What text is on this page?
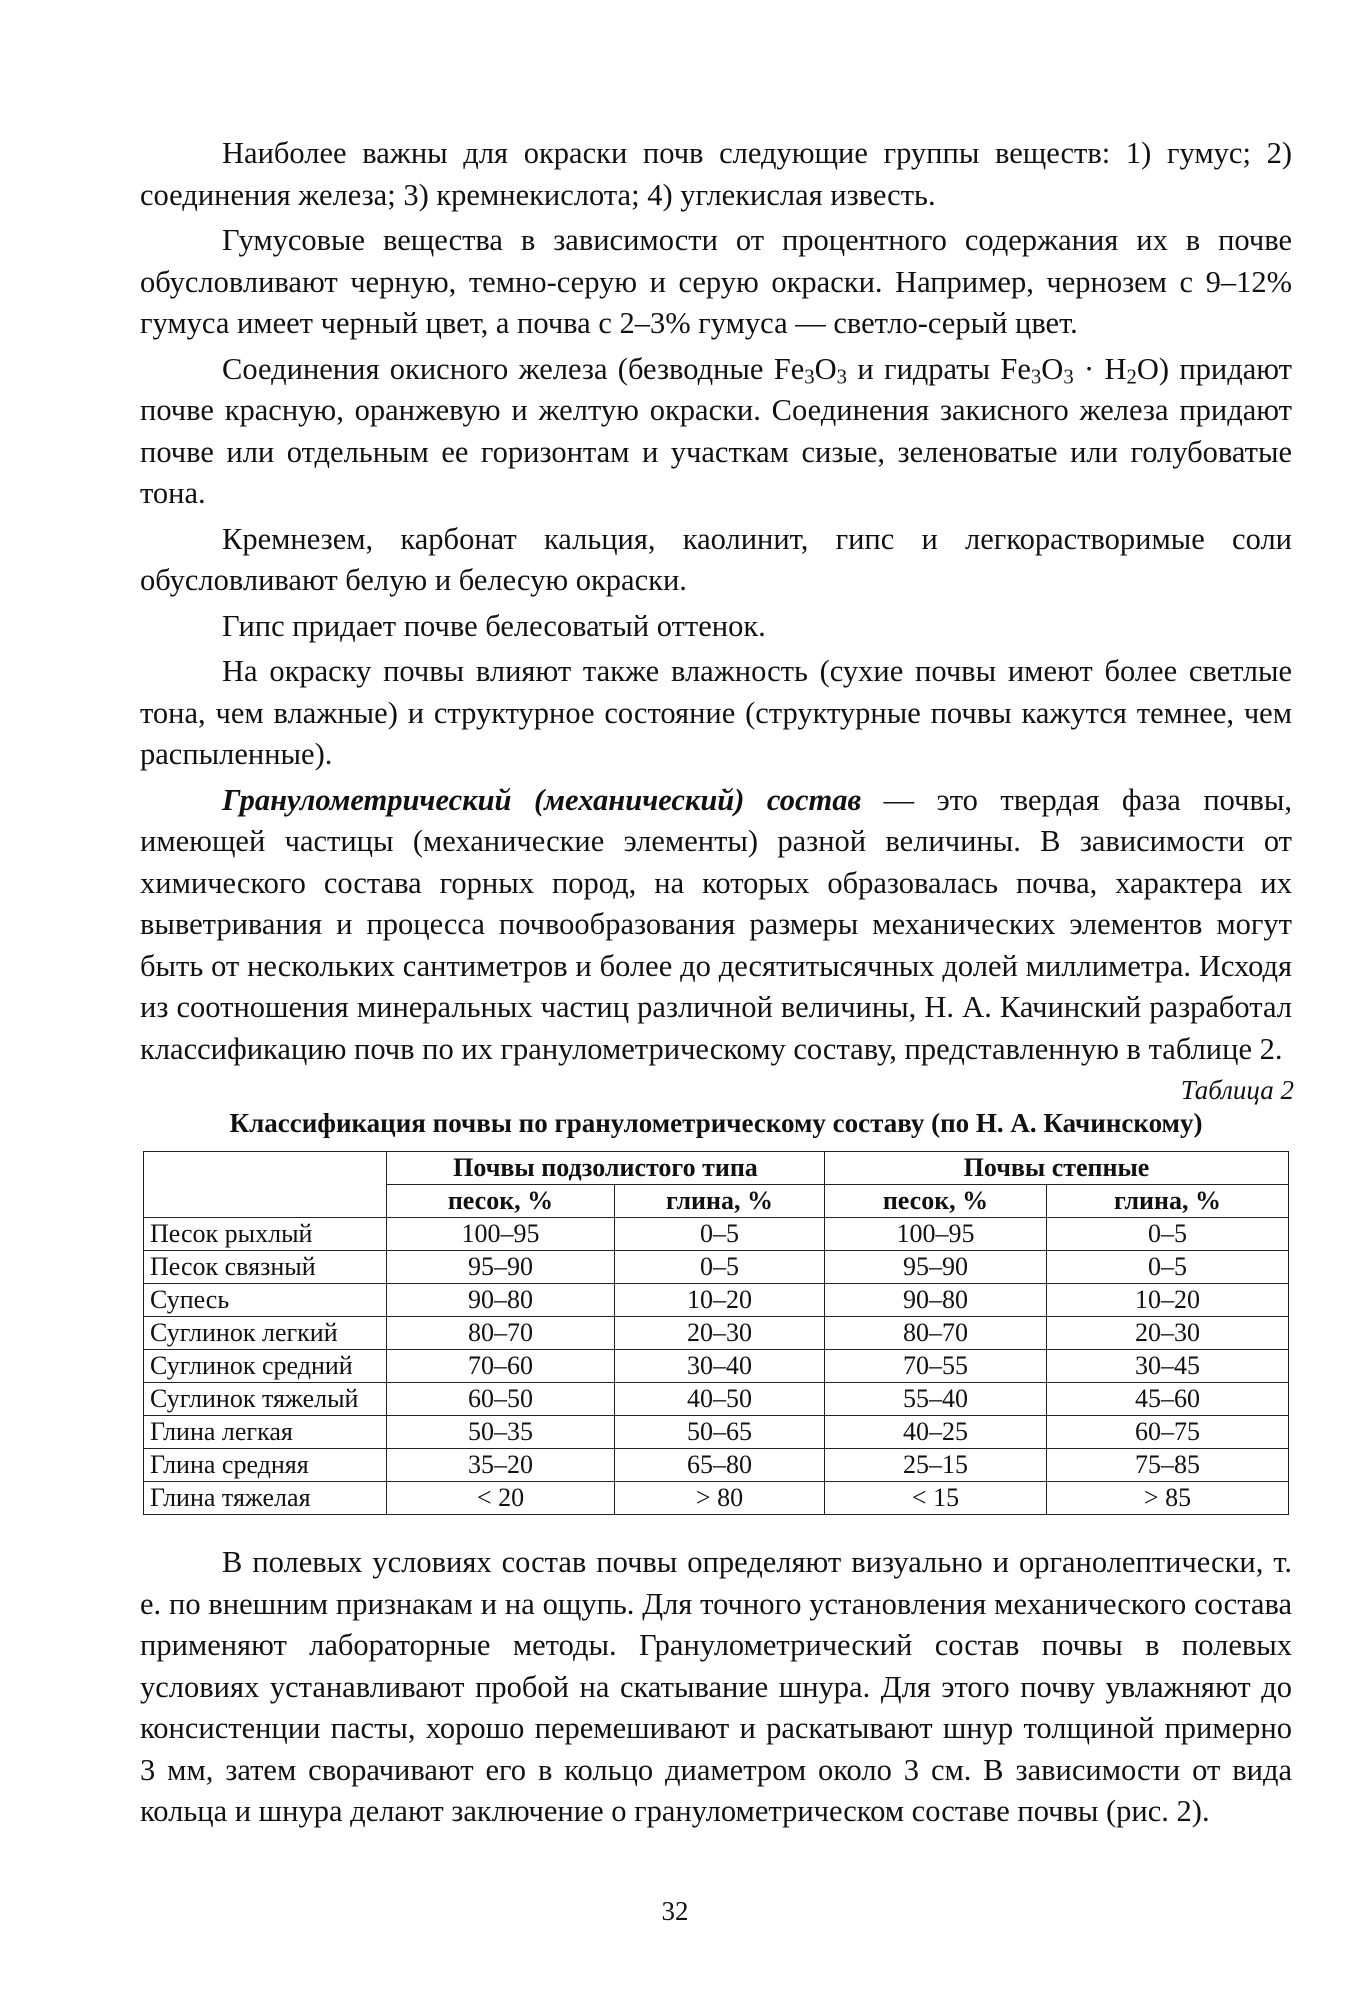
Наиболее важны для окраски почв следующие группы веществ: 1) гумус; 2) соединения железа; 3) кремнекислота; 4) углекислая известь.

Гумусовые вещества в зависимости от процентного содержания их в почве обусловливают черную, темно-серую и серую окраски. Например, чернозем с 9–12% гумуса имеет черный цвет, а почва с 2–3% гумуса — светло-серый цвет.

Соединения окисного железа (безводные $Fe_3O_3$ и гидраты $Fe_3O_3 \cdot H_2O$) придают почве красную, оранжевую и желтую окраски. Соединения закисного железа придают почве или отдельным ее горизонтам и участкам сизые, зеленоватые или голубоватые тона.

Кремнезем, карбонат кальция, каолинит, гипс и легкорастворимые соли обусловливают белую и белесую окраски.

Гипс придает почве белесоватый оттенок.

На окраску почвы влияют также влажность (сухие почвы имеют более светлые тона, чем влажные) и структурное состояние (структурные почвы кажутся темнее, чем распыленные).

Гранулометрический (механический) состав — это твердая фаза почвы, имеющей частицы (механические элементы) разной величины. В зависимости от химического состава горных пород, на которых образовалась почва, характера их выветривания и процесса почвообразования размеры механических элементов могут быть от нескольких сантиметров и более до десятитысячных долей миллиметра. Исходя из соотношения минеральных частиц различной величины, Н. А. Качинский разработал классификацию почв по их гранулометрическому составу, представленную в таблице 2.

Таблица 2
Классификация почвы по гранулометрическому составу (по Н. А. Качинскому)
	Почвы подзолистого типа		Почвы степные	
	песок, %	глина, %	песок, %	глина, %
Песок рыхлый	100–95	0–5	100–95	0–5
Песок связный	95–90	0–5	95–90	0–5
Супесь	90–80	10–20	90–80	10–20
Суглинок легкий	80–70	20–30	80–70	20–30
Суглинок средний	70–60	30–40	70–55	30–45
Суглинок тяжелый	60–50	40–50	55–40	45–60
Глина легкая	50–35	50–65	40–25	60–75
Глина средняя	35–20	65–80	25–15	75–85
Глина тяжелая	< 20	> 80	< 15	> 85

В полевых условиях состав почвы определяют визуально и органолептически, т. е. по внешним признакам и на ощупь. Для точного установления механического состава применяют лабораторные методы. Гранулометрический состав почвы в полевых условиях устанавливают пробой на скатывание шнура. Для этого почву увлажняют до консистенции пасты, хорошо перемешивают и раскатывают шнур толщиной примерно 3 мм, затем сворачивают его в кольцо диаметром около 3 см. В зависимости от вида кольца и шнура делают заключение о гранулометрическом составе почвы (рис. 2).

32
